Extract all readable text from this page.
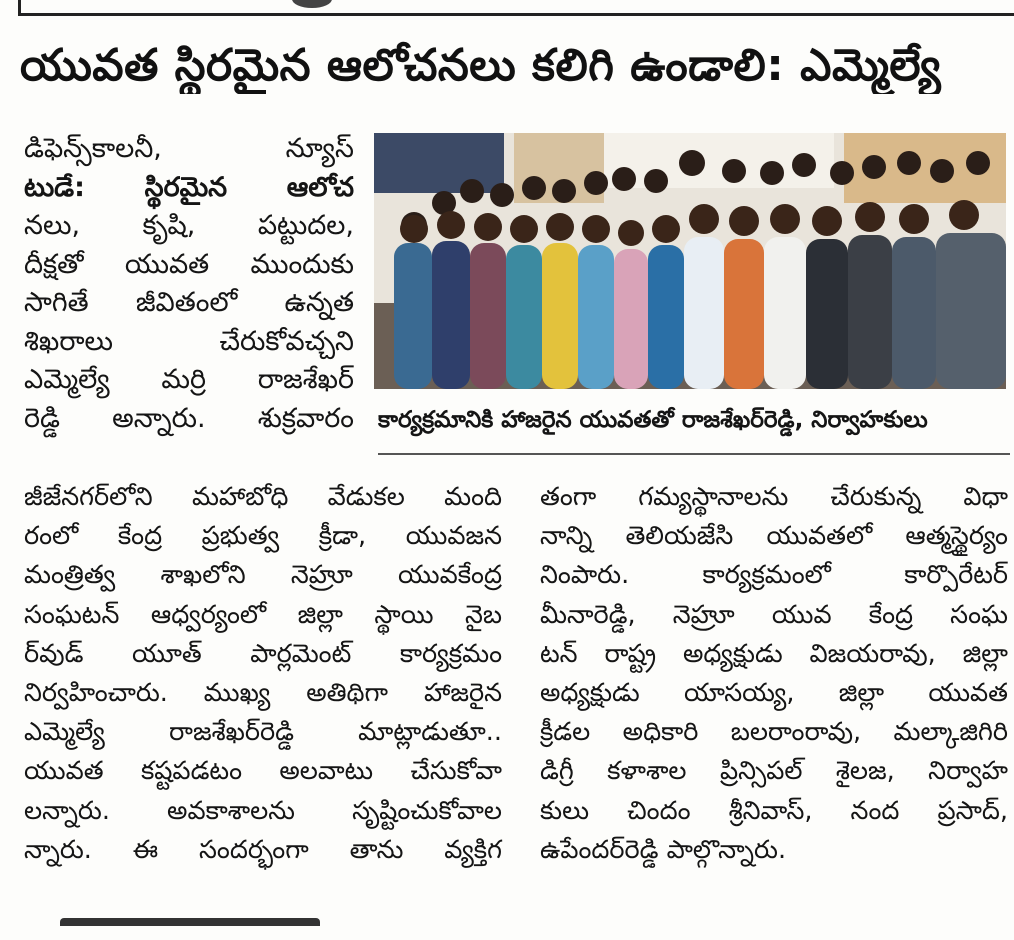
యువత స్థిరమైన ఆలోచనలు కలిగి ఉండాలి: ఎమ్మెల్యే

డిఫెన్స్‌కాలనీ, న్యూస్

టుడే: స్థిరమైన ఆలోచ

నలు, కృషి, పట్టుదల,

దీక్షతో యువత ముందుకు

సాగితే జీవితంలో ఉన్నత

శిఖరాలు చేరుకోవచ్చని

ఎమ్మెల్యే మర్రి రాజశేఖర్

రెడ్డి అన్నారు. శుక్రవారం కార్యక్రమానికి హాజరైన యువతతో రాజశేఖర్‌రెడ్డి, నిర్వాహకులు

జీజేనగర్‌లోని మహాబోధి వేడుకల మంది

రంలో కేంద్ర ప్రభుత్వ క్రీడా, యువజన

మంత్రిత్వ శాఖలోని నెహ్రూ యువకేంద్ర

సంఘటన్ ఆధ్వర్యంలో జిల్లా స్థాయి నైబ

ర్‌వుడ్ యూత్ పార్లమెంట్ కార్యక్రమం

నిర్వహించారు. ముఖ్య అతిథిగా హాజరైన

ఎమ్మెల్యే రాజశేఖర్‌రెడ్డి మాట్లాడుతూ..

యువత కష్టపడటం అలవాటు చేసుకోవా

లన్నారు. అవకాశాలను సృష్టించుకోవాల

న్నారు. ఈ సందర్భంగా తాను వ్యక్తిగ

తంగా గమ్యస్థానాలను చేరుకున్న విధా

నాన్ని తెలియజేసి యువతలో ఆత్మస్థైర్యం

నింపారు. కార్యక్రమంలో కార్పొరేటర్

మీనారెడ్డి, నెహ్రూ యువ కేంద్ర సంఘ

టన్ రాష్ట్ర అధ్యక్షుడు విజయరావు, జిల్లా

అధ్యక్షుడు యాసయ్య, జిల్లా యువత

క్రీడల అధికారి బలరాంరావు, మల్కాజిగిరి

డిగ్రీ కళాశాల ప్రిన్సిపల్ శైలజ, నిర్వాహ

కులు చిందం శ్రీనివాస్, నంద ప్రసాద్,

ఉపేందర్‌రెడ్డి పాల్గొన్నారు.
